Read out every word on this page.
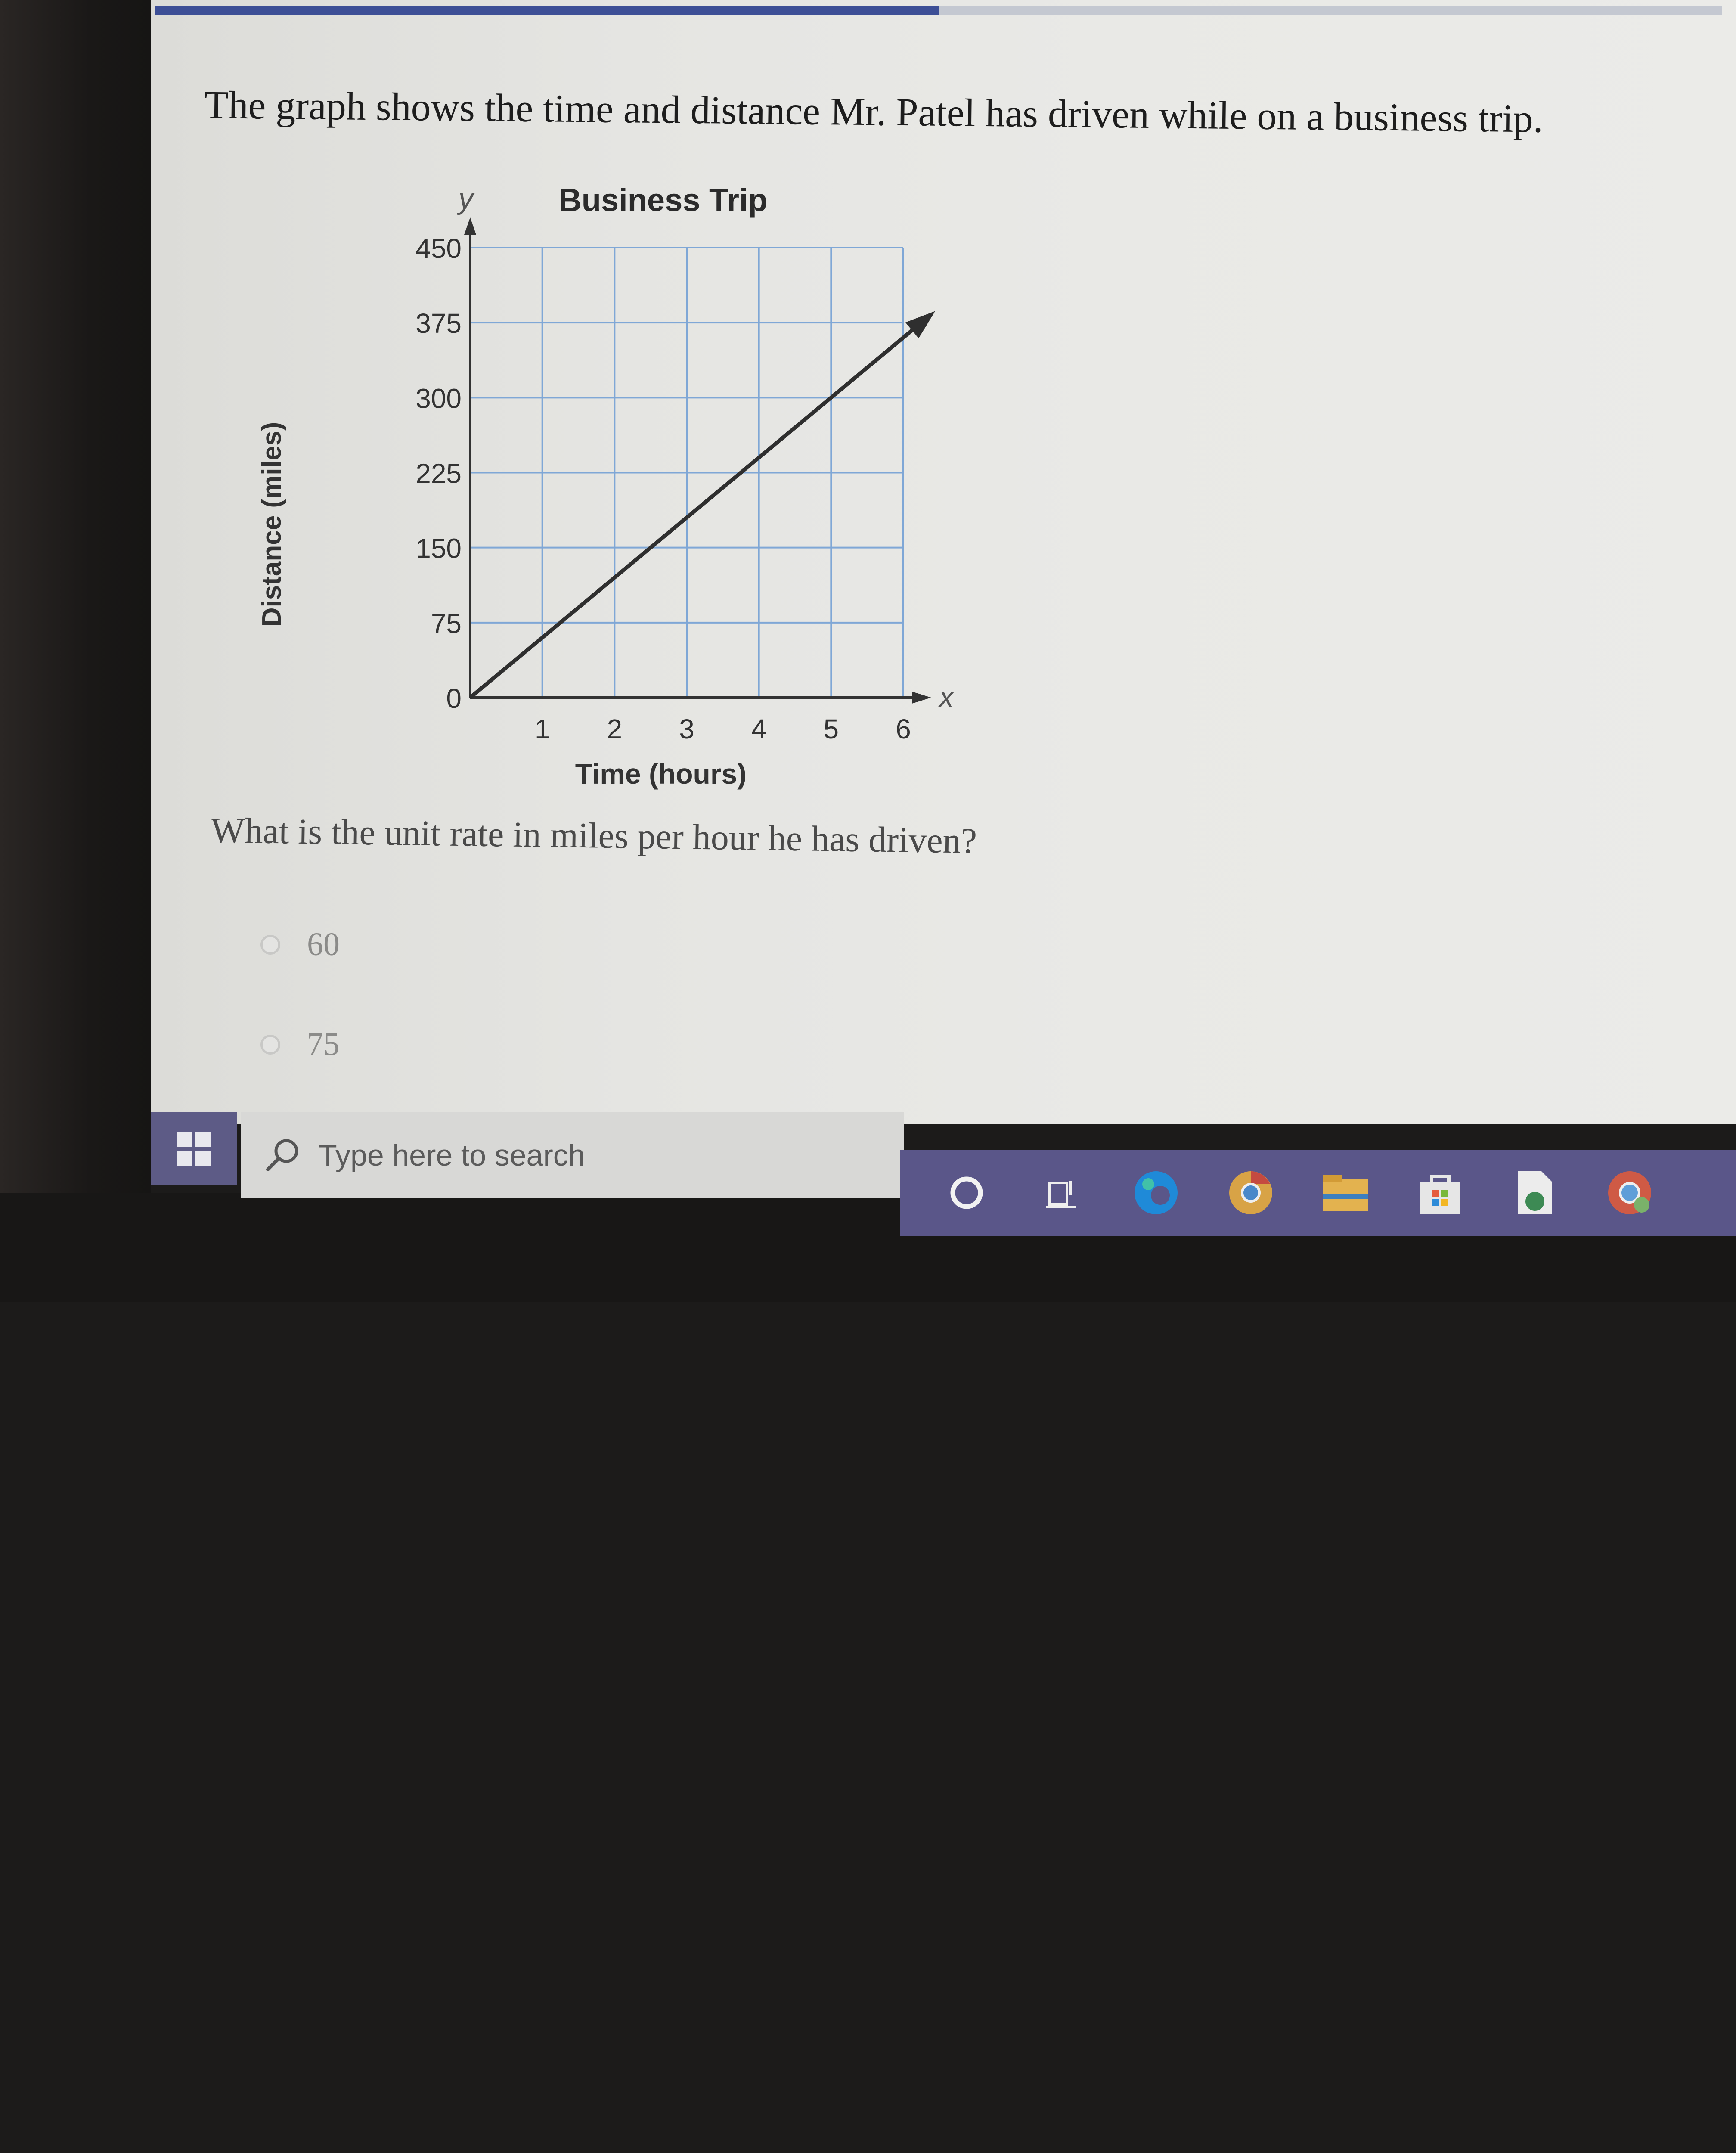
The graph shows the time and distance Mr. Patel has driven while on a business trip.
Business Trip
0
75
150
225
300
375
450
1 2 3 4 5 6
y
x
Time (hours)
Distance (miles)
What is the unit rate in miles per hour he has driven?
60
75
Type here to search
